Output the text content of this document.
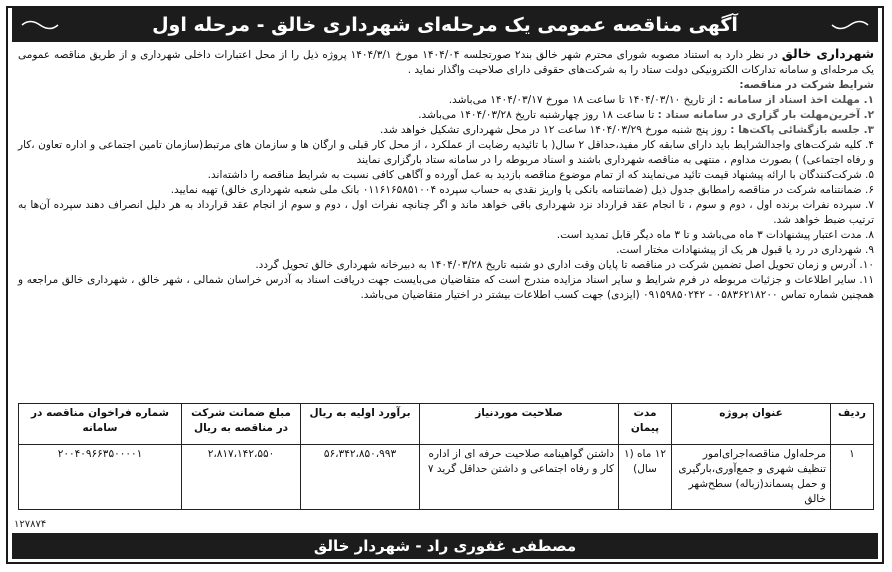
آگهی مناقصه عمومی یک مرحله‌ای شهرداری خالق - مرحله اول

شهرداری خالق در نظر دارد به استناد مصوبه شورای محترم شهر خالق بند۲ صورتجلسه ۱۴۰۴/۰۴ مورخ ۱۴۰۴/۳/۱ پروژه ذیل را از محل اعتبارات داخلی شهرداری و از طریق مناقصه عمومی یک مرحله‌ای و سامانه تدارکات الکترونیکی دولت ستاد را به شرکت‌های حقوقی دارای صلاحیت واگذار نماید .

شرایط شرکت در مناقصه:

۱. مهلت اخذ اسناد از سامانه : از تاریخ ۱۴۰۴/۰۳/۱۰ تا ساعت ۱۸ مورخ ۱۴۰۴/۰۳/۱۷ می‌باشد.

۲. آخرین‌مهلت بار گزاری در سامانه ستاد : تا ساعت ۱۸ روز چهارشنبه تاریخ ۱۴۰۴/۰۳/۲۸ می‌باشد.

۳. جلسه بازگشائی پاکت‌ها : روز پنج شنبه مورخ ۱۴۰۴/۰۳/۲۹ ساعت ۱۲ در محل شهرداری تشکیل خواهد شد.

۴. کلیه شرکت‌های واجدالشرایط باید دارای سابقه کار مفید،حداقل ۲ سال( با تائیدیه رضایت از عملکرد ، از محل کار قبلی و ارگان ها و سازمان های مرتبط(سازمان تامین اجتماعی و اداره تعاون ،کار و رفاه اجتماعی) ) بصورت مداوم ، منتهی به مناقصه شهرداری باشند و اسناد مربوطه را در سامانه ستاد بارگزاری نمایند

۵. شرکت‌کنندگان با ارائه پیشنهاد قیمت تائید می‌نمایند که از تمام موضوع مناقصه بازدید به عمل آورده و آگاهی کافی نسبت به شرایط مناقصه را داشته‌اند.

۶. ضمانتنامه شرکت در مناقصه رامطابق جدول ذیل (ضمانتنامه بانکی یا واریز نقدی به حساب سپرده ۰۱۱۶۱۶۵۸۵۱۰۰۴ بانک ملی شعبه شهرداری خالق) تهیه نمایید.

۷. سپرده نفرات برنده اول ، دوم و سوم ، تا انجام عقد قرارداد نزد شهرداری باقی خواهد ماند و اگر چنانچه نفرات اول ، دوم و سوم از انجام عقد قرارداد به هر دلیل انصراف دهند سپرده آن‌ها به ترتیب ضبط خواهد شد.

۸. مدت اعتبار پیشنهادات ۳ ماه می‌باشد و تا ۳ ماه دیگر قابل تمدید است.

۹. شهرداری در رد یا قبول هر یک از پیشنهادات مختار است.

۱۰. آدرس و زمان تحویل اصل تضمین شرکت در مناقصه تا پایان وقت اداری دو شنبه تاریخ ۱۴۰۴/۰۳/۲۸ به دبیرخانه شهرداری خالق تحویل گردد.

۱۱. سایر اطلاعات و جزئیات مربوطه در فرم شرایط و سایر اسناد مزایده مندرج است که متقاضیان می‌بایست جهت دریافت اسناد به آدرس خراسان شمالی ، شهر خالق ، شهرداری خالق مراجعه و همچنین شماره تماس ۰۵۸۳۶۲۱۸۲۰۰ - ۰۹۱۵۹۸۵۰۲۴۲ (ایزدی) جهت کسب اطلاعات بیشتر در اختیار متقاضیان می‌باشد.

ردیف	عنوان پروژه	مدت پیمان	صلاحیت موردنیاز	برآورد اولیه به ریال	مبلغ ضمانت شرکت در مناقصه به ریال	شماره فراخوان مناقصه در سامانه
۱	مرحله‌اول مناقصه‌اجرای‌امور تنظیف شهری و جمع‌آوری،بارگیری و حمل پسماند(زباله) سطح‌شهر خالق	۱۲ ماه (۱ سال)	داشتن گواهینامه صلاحیت حرفه ای از اداره کار و رفاه اجتماعی و داشتن حداقل گرید ۷	۵۶،۳۴۲،۸۵۰،۹۹۳	۲،۸۱۷،۱۴۲،۵۵۰	۲۰۰۴۰۹۶۶۳۵۰۰۰۰۱
۱۲۷۸۷۴
مصطفی غفوری راد - شهردار خالق
